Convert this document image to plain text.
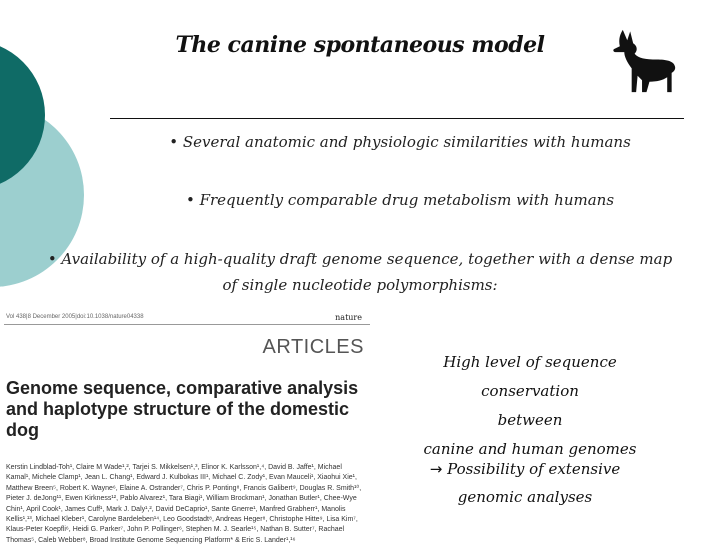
The canine spontaneous model
• Several anatomic and physiologic similarities with humans
• Frequently comparable drug metabolism with humans
• Availability of a high-quality draft genome sequence, together with a dense map of single nucleotide polymorphisms:
Vol 438|8 December 2005|doi:10.1038/nature04338	nature
ARTICLES
Genome sequence, comparative analysis and haplotype structure of the domestic dog
Kerstin Lindblad-Toh¹, Claire M Wade¹,², Tarjei S. Mikkelsen¹,³, Elinor K. Karlsson¹,⁴, David B. Jaffe¹, Michael Kamal¹, Michele Clamp¹, Jean L. Chang¹, Edward J. Kulbokas III¹, Michael C. Zody¹, Evan Mauceli¹, Xiaohui Xie¹, Matthew Breen⁵, Robert K. Wayne⁶, Elaine A. Ostrander⁷, Chris P. Ponting⁸, Francis Galibert⁹, Douglas R. Smith¹⁰, Pieter J. deJong¹¹, Ewen Kirkness¹², Pablo Alvarez¹, Tara Biagi¹, William Brockman¹, Jonathan Butler¹, Chee-Wye Chin¹, April Cook¹, James Cuff¹, Mark J. Daly¹,², David DeCaprio¹, Sante Gnerre¹, Manfred Grabherr¹, Manolis Kellis¹,¹³, Michael Kleber¹, Carolyne Bardeleben¹⁴, Leo Goodstadt⁸, Andreas Heger⁸, Christophe Hitte⁹, Lisa Kim⁷, Klaus-Peter Koepfli⁶, Heidi G. Parker⁷, John P. Pollinger⁶, Stephen M. J. Searle¹⁵, Nathan B. Sutter⁷, Rachael Thomas⁵, Caleb Webber⁸, Broad Institute Genome Sequencing Platform* & Eric S. Lander¹,¹⁶
High level of sequence conservation
between
canine and human genomes
→ Possibility of extensive
genomic analyses
